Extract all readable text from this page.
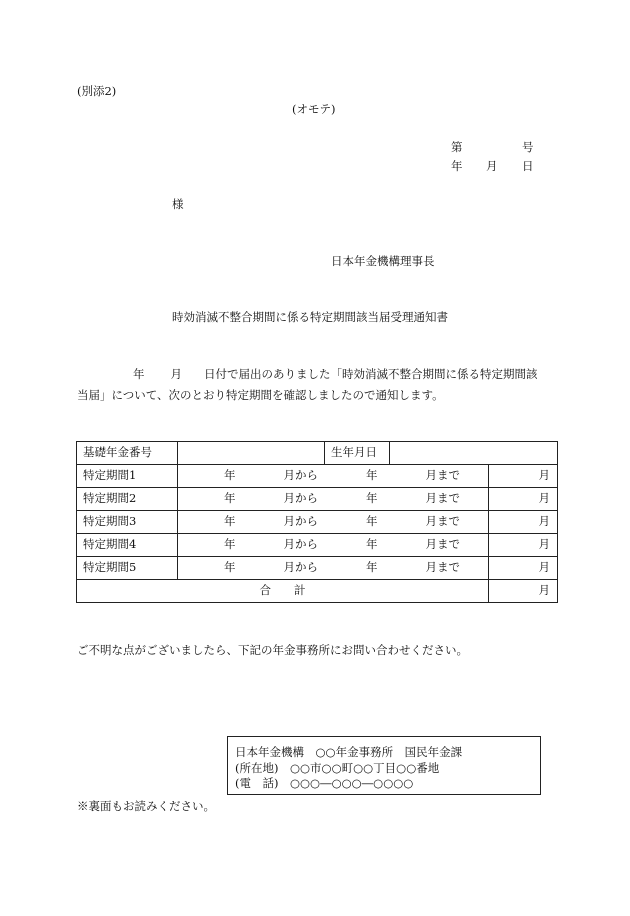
(別添2)
(オモテ)
第	号
年 月 日
様
日本年金機構理事長
時効消滅不整合期間に係る特定期間該当届受理通知書

年 月 日付で届出のありました「時効消滅不整合期間に係る特定期間該

当届」について、次のとおり特定期間を確認しましたので通知します。

基礎年金番号		生年月日	

特定期間1	年 月から 年 月まで		月
特定期間2	年 月から 年 月まで		月
特定期間3	年 月から 年 月まで		月
特定期間4	年 月から 年 月まで		月
特定期間5	年 月から 年 月まで		月
合　　計			月
ご不明な点がございましたら、下記の年金事務所にお問い合わせください。
日本年金機構　○○年金事務所　国民年金課
(所在地)　○○市○○町○○丁目○○番地
(電　話)　○○○―○○○―○○○○
※裏面もお読みください。
